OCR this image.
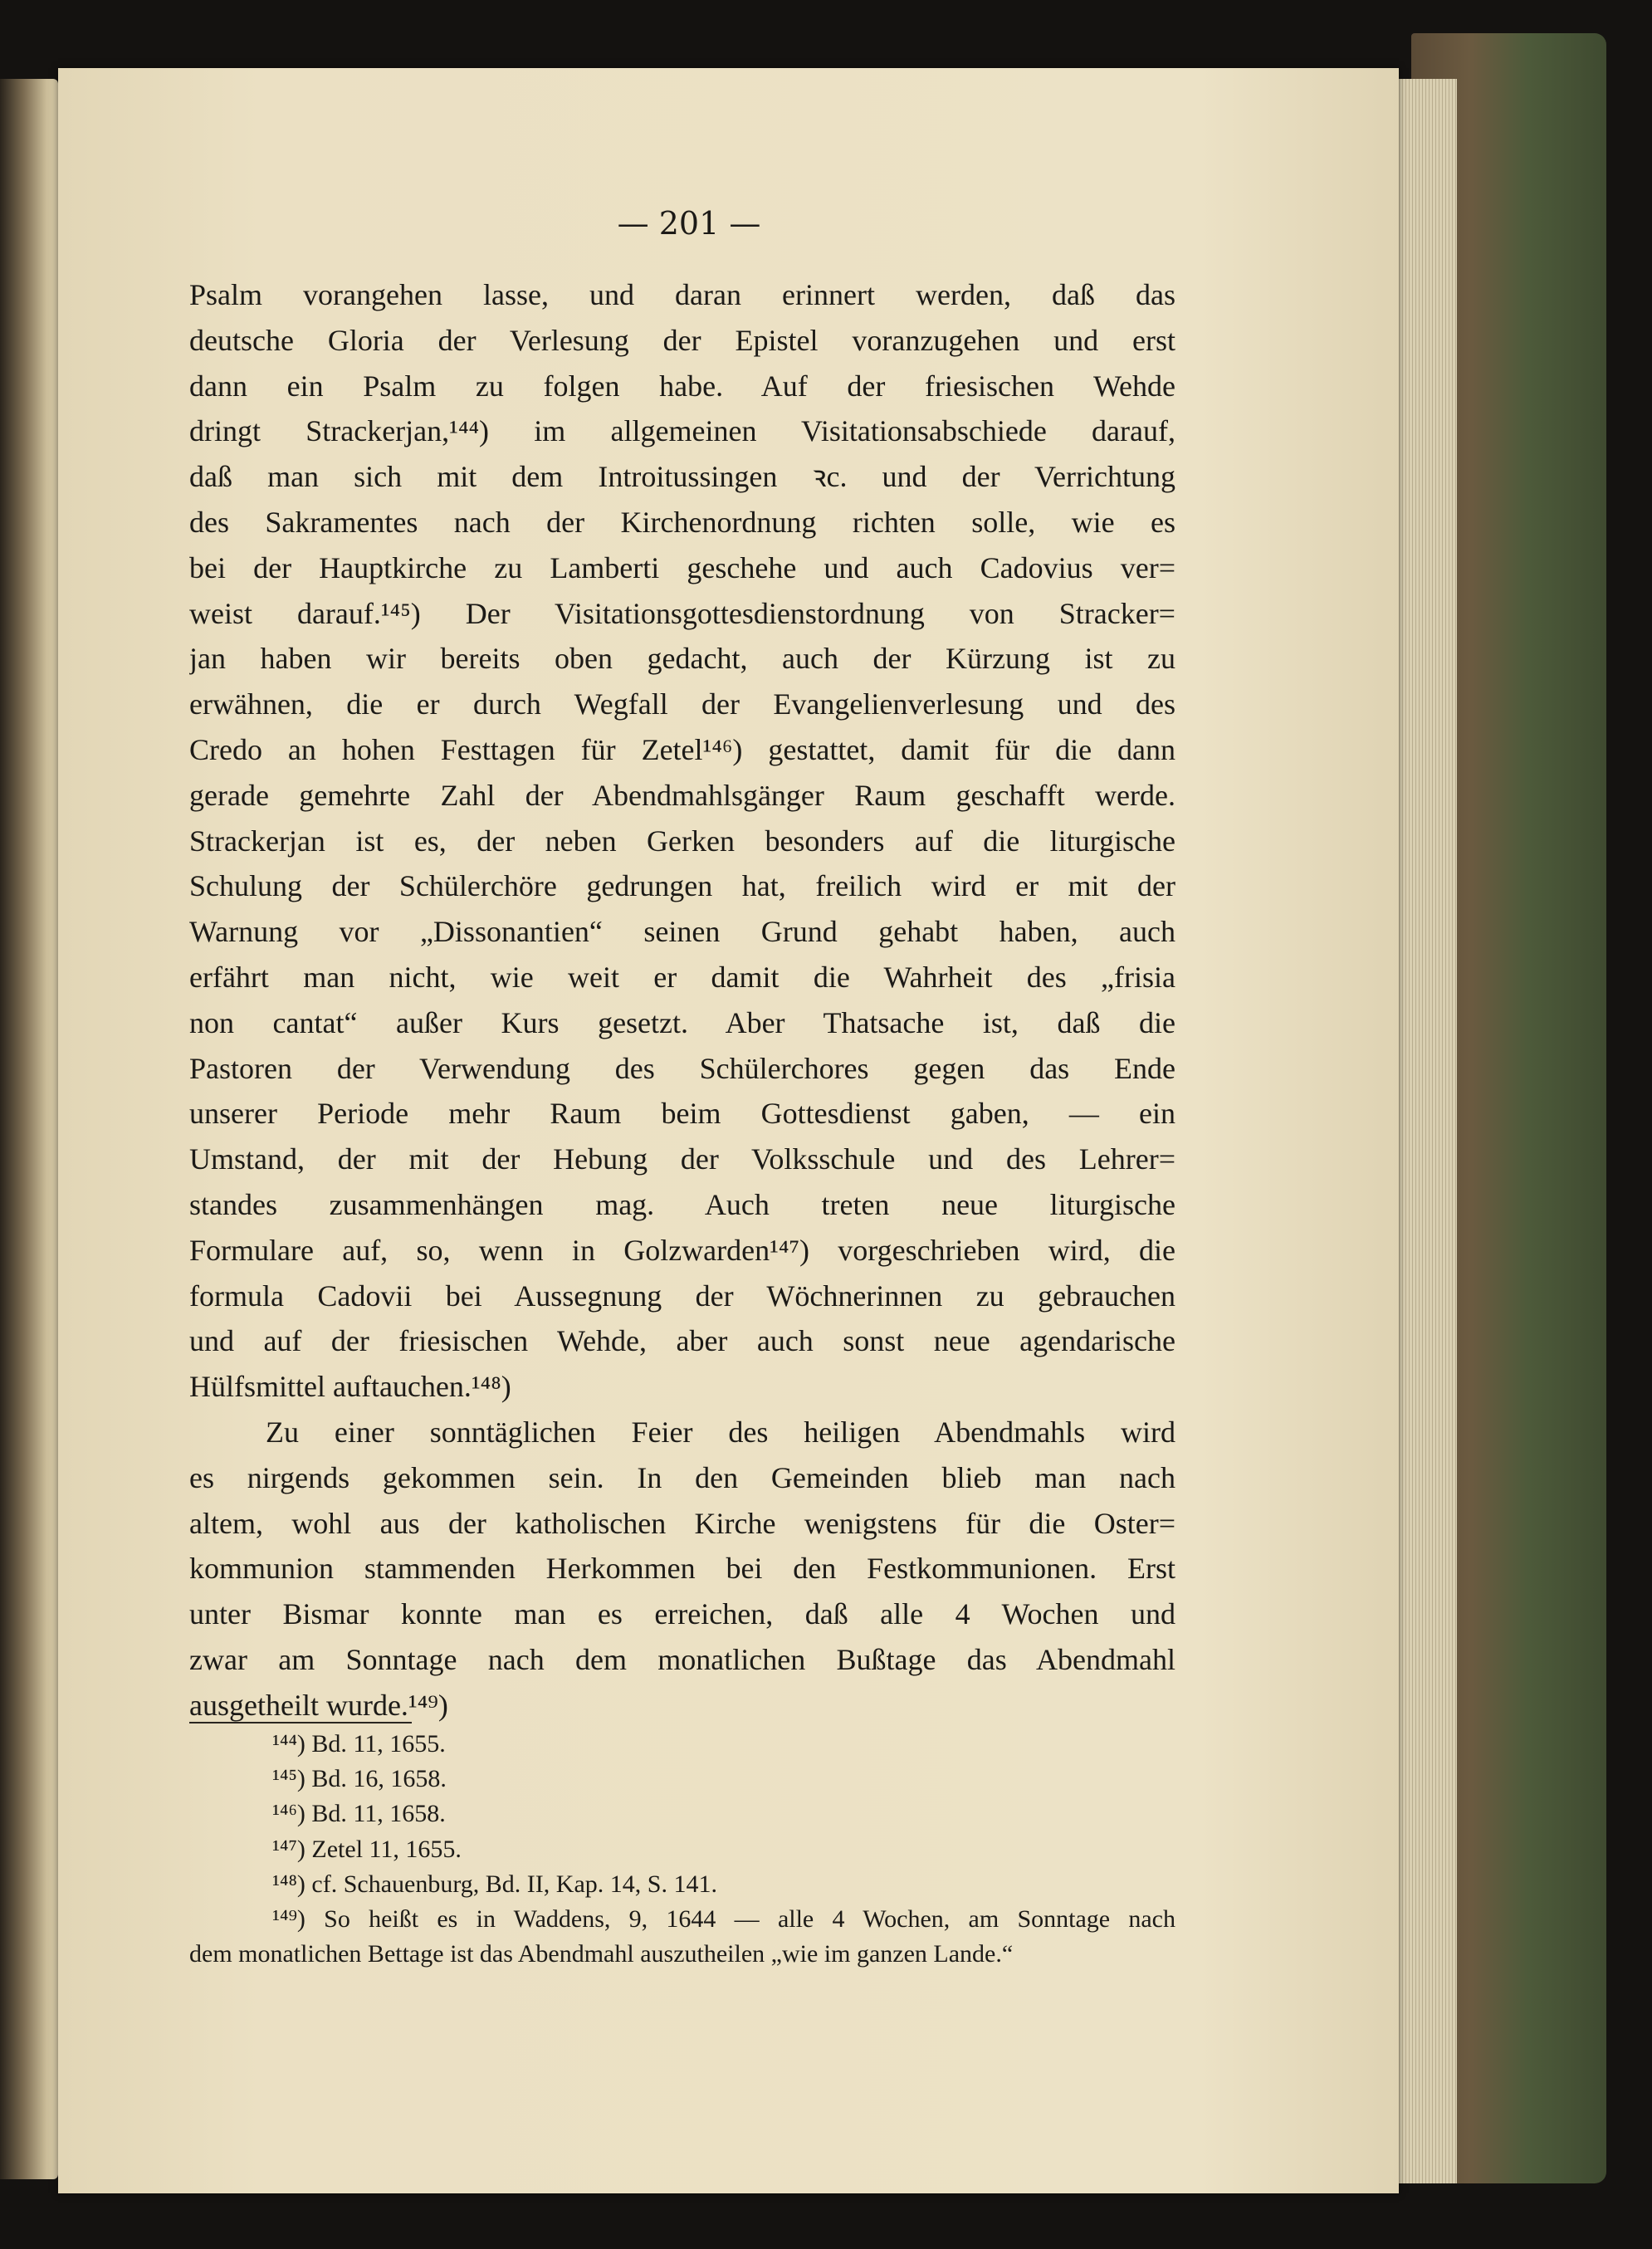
— 201 —
Psalm vorangehen lasse, und daran erinnert werden, daß das
deutsche Gloria der Verlesung der Epistel voranzugehen und erst
dann ein Psalm zu folgen habe. Auf der friesischen Wehde
dringt Strackerjan,¹⁴⁴) im allgemeinen Visitationsabschiede darauf,
daß man sich mit dem Introitussingen ꝛc. und der Verrichtung
des Sakramentes nach der Kirchenordnung richten solle, wie es
bei der Hauptkirche zu Lamberti geschehe und auch Cadovius ver=
weist darauf.¹⁴⁵) Der Visitationsgottesdienstordnung von Stracker=
jan haben wir bereits oben gedacht, auch der Kürzung ist zu
erwähnen, die er durch Wegfall der Evangelienverlesung und des
Credo an hohen Festtagen für Zetel¹⁴⁶) gestattet, damit für die dann
gerade gemehrte Zahl der Abendmahlsgänger Raum geschafft werde.
Strackerjan ist es, der neben Gerken besonders auf die liturgische
Schulung der Schülerchöre gedrungen hat, freilich wird er mit der
Warnung vor „Dissonantien“ seinen Grund gehabt haben, auch
erfährt man nicht, wie weit er damit die Wahrheit des „frisia
non cantat“ außer Kurs gesetzt. Aber Thatsache ist, daß die
Pastoren der Verwendung des Schülerchores gegen das Ende
unserer Periode mehr Raum beim Gottesdienst gaben, — ein
Umstand, der mit der Hebung der Volksschule und des Lehrer=
standes zusammenhängen mag. Auch treten neue liturgische
Formulare auf, so, wenn in Golzwarden¹⁴⁷) vorgeschrieben wird, die
formula Cadovii bei Aussegnung der Wöchnerinnen zu gebrauchen
und auf der friesischen Wehde, aber auch sonst neue agendarische
Hülfsmittel auftauchen.¹⁴⁸)
Zu einer sonntäglichen Feier des heiligen Abendmahls wird
es nirgends gekommen sein. In den Gemeinden blieb man nach
altem, wohl aus der katholischen Kirche wenigstens für die Oster=
kommunion stammenden Herkommen bei den Festkommunionen. Erst
unter Bismar konnte man es erreichen, daß alle 4 Wochen und
zwar am Sonntage nach dem monatlichen Bußtage das Abendmahl
ausgetheilt wurde.¹⁴⁹)
¹⁴⁴) Bd. 11, 1655.
¹⁴⁵) Bd. 16, 1658.
¹⁴⁶) Bd. 11, 1658.
¹⁴⁷) Zetel 11, 1655.
¹⁴⁸) cf. Schauenburg, Bd. II, Kap. 14, S. 141.
¹⁴⁹) So heißt es in Waddens, 9, 1644 — alle 4 Wochen, am Sonntage nach
dem monatlichen Bettage ist das Abendmahl auszutheilen „wie im ganzen Lande.“
